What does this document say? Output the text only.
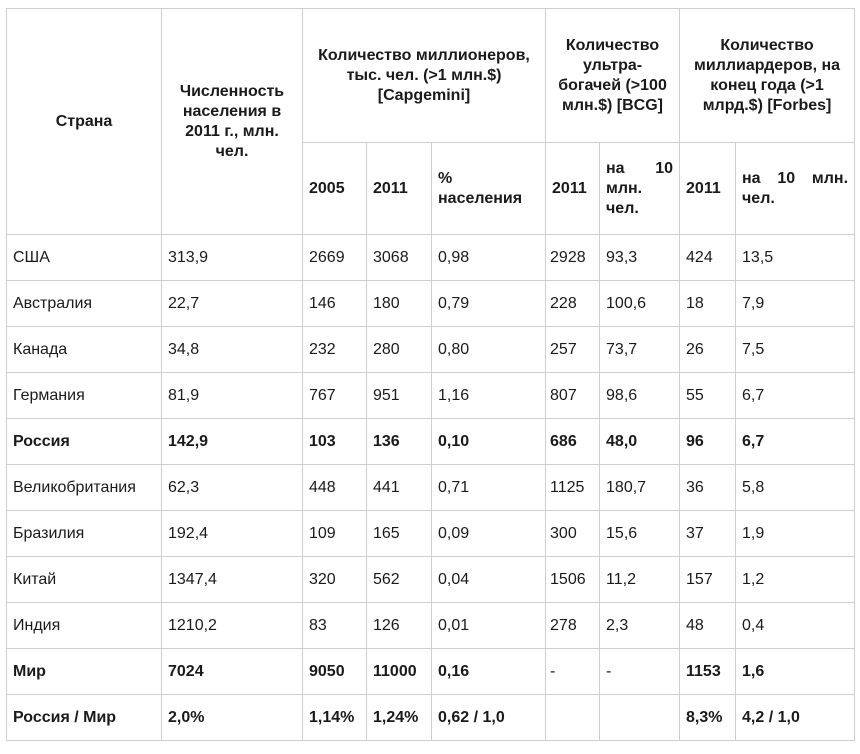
Страна	Численность населения в 2011 г., млн. чел.	Количество миллионеров, тыс. чел. (>1 млн.$) [Capgemini]			Количество ультра-богачей (>100 млн.$) [BCG]		Количество миллиардеров, на конец года (>1 млрд.$) [Forbes]	
		2005	2011	% населения	2011	на 10 млн. чел.	2011	на 10 млн. чел.
США	313,9	2669	3068	0,98	2928	93,3	424	13,5
Австралия	22,7	146	180	0,79	228	100,6	18	7,9
Канада	34,8	232	280	0,80	257	73,7	26	7,5
Германия	81,9	767	951	1,16	807	98,6	55	6,7
Россия	142,9	103	136	0,10	686	48,0	96	6,7
Великобритания	62,3	448	441	0,71	1125	180,7	36	5,8
Бразилия	192,4	109	165	0,09	300	15,6	37	1,9
Китай	1347,4	320	562	0,04	1506	11,2	157	1,2
Индия	1210,2	83	126	0,01	278	2,3	48	0,4
Мир	7024	9050	11000	0,16	-	-	1153	1,6
Россия / Мир	2,0%	1,14%	1,24%	0,62 / 1,0			8,3%	4,2 / 1,0
